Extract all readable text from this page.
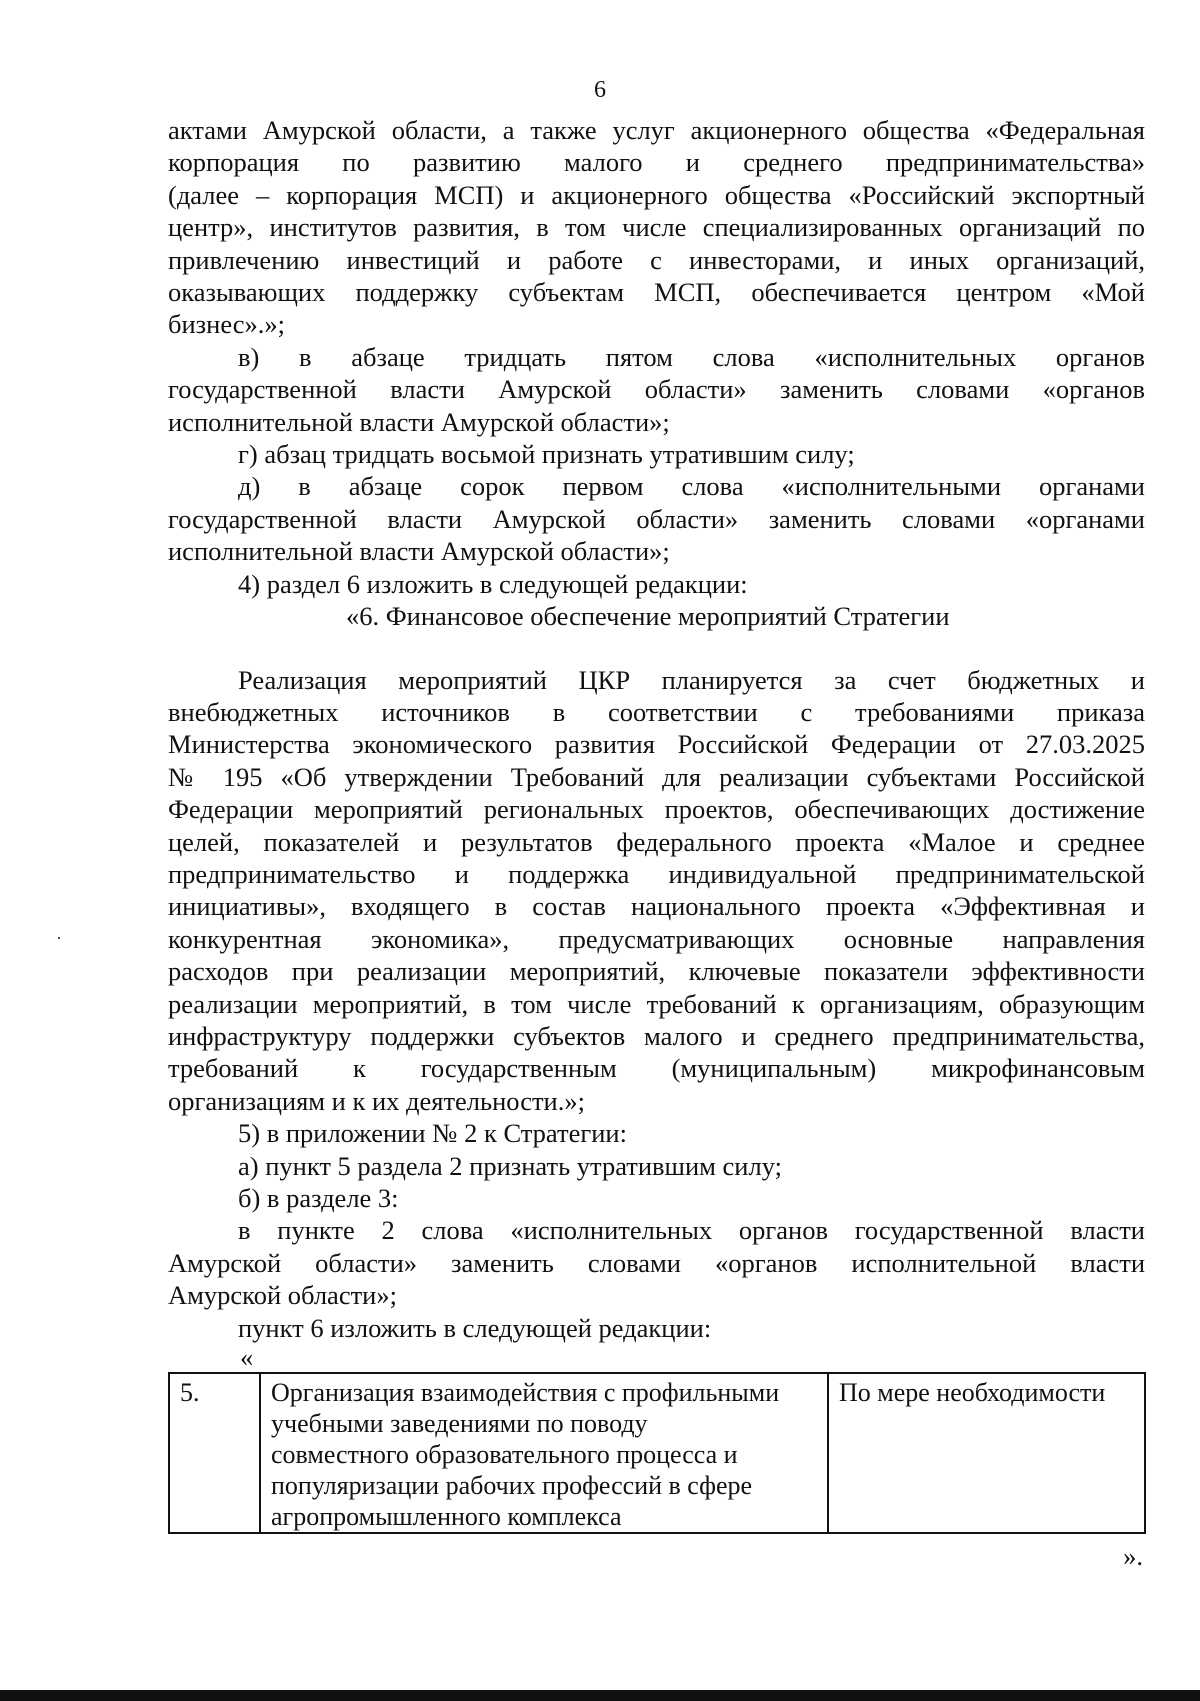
6
актами Амурской области, а также услуг акционерного общества «Федеральная
корпорация по развитию малого и среднего предпринимательства»
(далее – корпорация МСП) и акционерного общества «Российский экспортный
центр», институтов развития, в том числе специализированных организаций по
привлечению инвестиций и работе с инвесторами, и иных организаций,
оказывающих поддержку субъектам МСП, обеспечивается центром «Мой
бизнес».»;
в) в абзаце тридцать пятом слова «исполнительных органов
государственной власти Амурской области» заменить словами «органов
исполнительной власти Амурской области»;
г) абзац тридцать восьмой признать утратившим силу;
д) в абзаце сорок первом слова «исполнительными органами
государственной власти Амурской области» заменить словами «органами
исполнительной власти Амурской области»;
4) раздел 6 изложить в следующей редакции:
«6. Финансовое обеспечение мероприятий Стратегии
Реализация мероприятий ЦКР планируется за счет бюджетных и
внебюджетных источников в соответствии с требованиями приказа
Министерства экономического развития Российской Федерации от 27.03.2025
№ 195 «Об утверждении Требований для реализации субъектами Российской
Федерации мероприятий региональных проектов, обеспечивающих достижение
целей, показателей и результатов федерального проекта «Малое и среднее
предпринимательство и поддержка индивидуальной предпринимательской
инициативы», входящего в состав национального проекта «Эффективная и
конкурентная экономика», предусматривающих основные направления
расходов при реализации мероприятий, ключевые показатели эффективности
реализации мероприятий, в том числе требований к организациям, образующим
инфраструктуру поддержки субъектов малого и среднего предпринимательства,
требований к государственным (муниципальным) микрофинансовым
организациям и к их деятельности.»;
5) в приложении № 2 к Стратегии:
а) пункт 5 раздела 2 признать утратившим силу;
б) в разделе 3:
в пункте 2 слова «исполнительных органов государственной власти
Амурской области» заменить словами «органов исполнительной власти
Амурской области»;
пункт 6 изложить в следующей редакции:
«
5.	Организация взаимодействия с профильными
учебными заведениями по поводу
совместного образовательного процесса и
популяризации рабочих профессий в сфере
агропромышленного комплекса
	По мере необходимости
».
